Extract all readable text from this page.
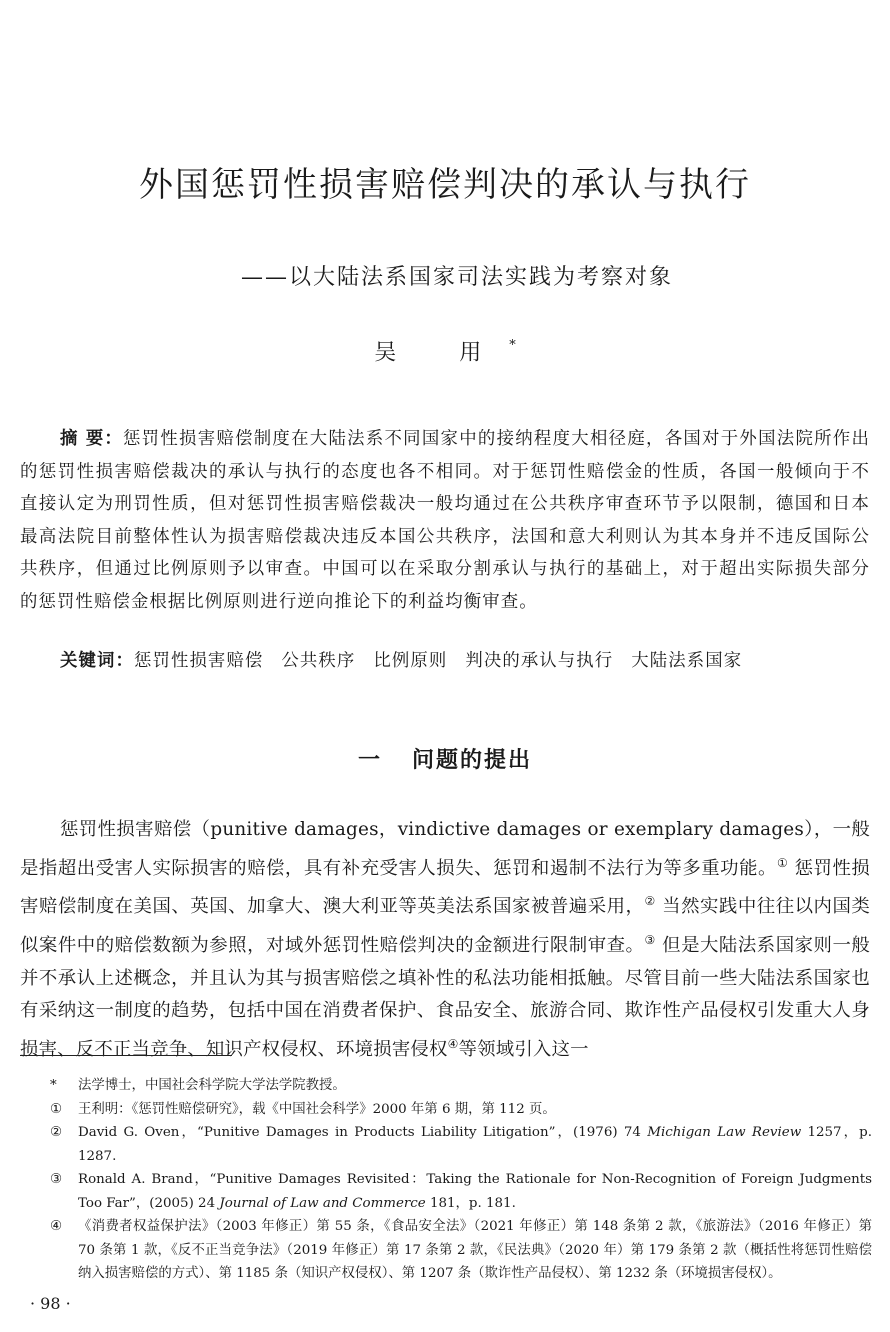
外国惩罚性损害赔偿判决的承认与执行
——以大陆法系国家司法实践为考察对象
吴 用*
摘 要：惩罚性损害赔偿制度在大陆法系不同国家中的接纳程度大相径庭，各国对于外国法院所作出的惩罚性损害赔偿裁决的承认与执行的态度也各不相同。对于惩罚性赔偿金的性质，各国一般倾向于不直接认定为刑罚性质，但对惩罚性损害赔偿裁决一般均通过在公共秩序审查环节予以限制，德国和日本最高法院目前整体性认为损害赔偿裁决违反本国公共秩序，法国和意大利则认为其本身并不违反国际公共秩序，但通过比例原则予以审查。中国可以在采取分割承认与执行的基础上，对于超出实际损失部分的惩罚性赔偿金根据比例原则进行逆向推论下的利益均衡审查。
关键词：惩罚性损害赔偿 公共秩序 比例原则 判决的承认与执行 大陆法系国家
一 问题的提出
惩罚性损害赔偿（punitive damages，vindictive damages or exemplary damages），一般是指超出受害人实际损害的赔偿，具有补充受害人损失、惩罚和遏制不法行为等多重功能。① 惩罚性损害赔偿制度在美国、英国、加拿大、澳大利亚等英美法系国家被普遍采用，② 当然实践中往往以内国类似案件中的赔偿数额为参照，对域外惩罚性赔偿判决的金额进行限制审查。③ 但是大陆法系国家则一般并不承认上述概念，并且认为其与损害赔偿之填补性的私法功能相抵触。尽管目前一些大陆法系国家也有采纳这一制度的趋势，包括中国在消费者保护、食品安全、旅游合同、欺诈性产品侵权引发重大人身损害、反不正当竞争、知识产权侵权、环境损害侵权④等领域引入这一
*	法学博士，中国社会科学院大学法学院教授。
①	王利明：《惩罚性赔偿研究》，载《中国社会科学》2000 年第 6 期，第 112 页。
②	David G. Oven，“Punitive Damages in Products Liability Litigation”，(1976) 74 Michigan Law Review 1257，p. 1287.
③	Ronald A. Brand，“Punitive Damages Revisited：Taking the Rationale for Non-Recognition of Foreign Judgments Too Far”，(2005) 24 Journal of Law and Commerce 181，p. 181.
④	《消费者权益保护法》（2003 年修正）第 55 条，《食品安全法》（2021 年修正）第 148 条第 2 款，《旅游法》（2016 年修正）第 70 条第 1 款，《反不正当竞争法》（2019 年修正）第 17 条第 2 款，《民法典》（2020 年）第 179 条第 2 款（概括性将惩罚性赔偿纳入损害赔偿的方式）、第 1185 条（知识产权侵权）、第 1207 条（欺诈性产品侵权）、第 1232 条（环境损害侵权）。
· 98 ·
